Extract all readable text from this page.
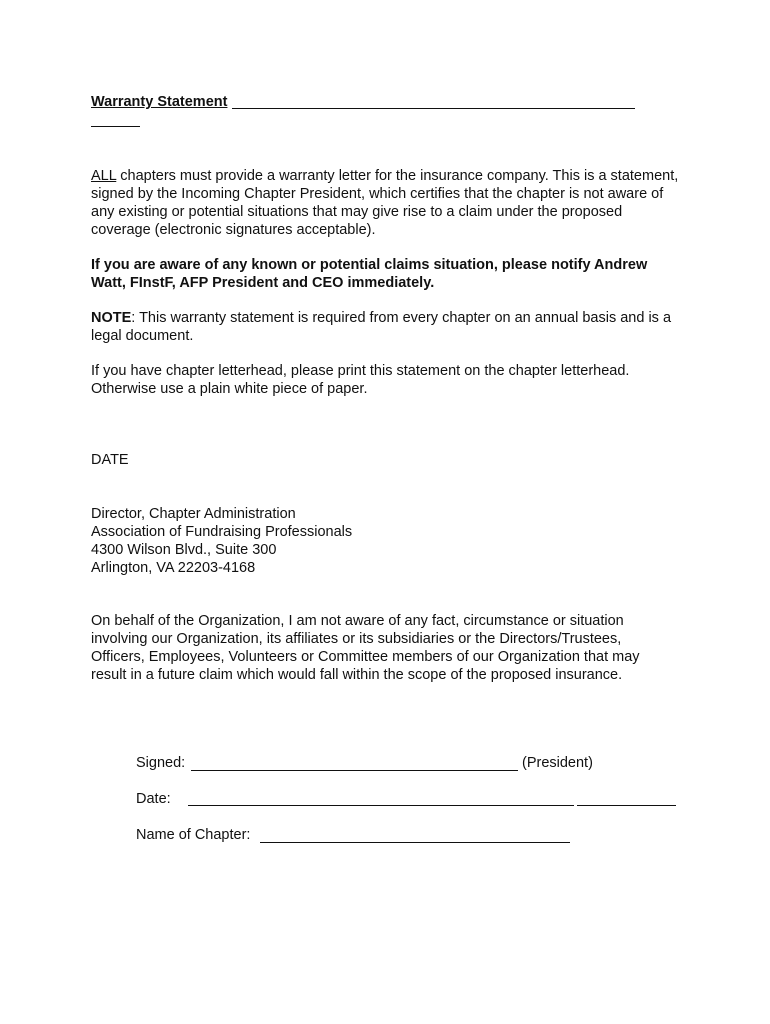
Warranty Statement
ALL chapters must provide a warranty letter for the insurance company. This is a statement, signed by the Incoming Chapter President, which certifies that the chapter is not aware of any existing or potential situations that may give rise to a claim under the proposed coverage (electronic signatures acceptable).
If you are aware of any known or potential claims situation, please notify Andrew Watt, FInstF, AFP President and CEO immediately.
NOTE: This warranty statement is required from every chapter on an annual basis and is a legal document.
If you have chapter letterhead, please print this statement on the chapter letterhead. Otherwise use a plain white piece of paper.
DATE
Director, Chapter Administration
Association of Fundraising Professionals
4300 Wilson Blvd., Suite 300
Arlington, VA 22203-4168
On behalf of the Organization, I am not aware of any fact, circumstance or situation involving our Organization, its affiliates or its subsidiaries or the Directors/Trustees, Officers, Employees, Volunteers or Committee members of our Organization that may result in a future claim which would fall within the scope of the proposed insurance.
Signed:	(President)
Date:
Name of Chapter:
